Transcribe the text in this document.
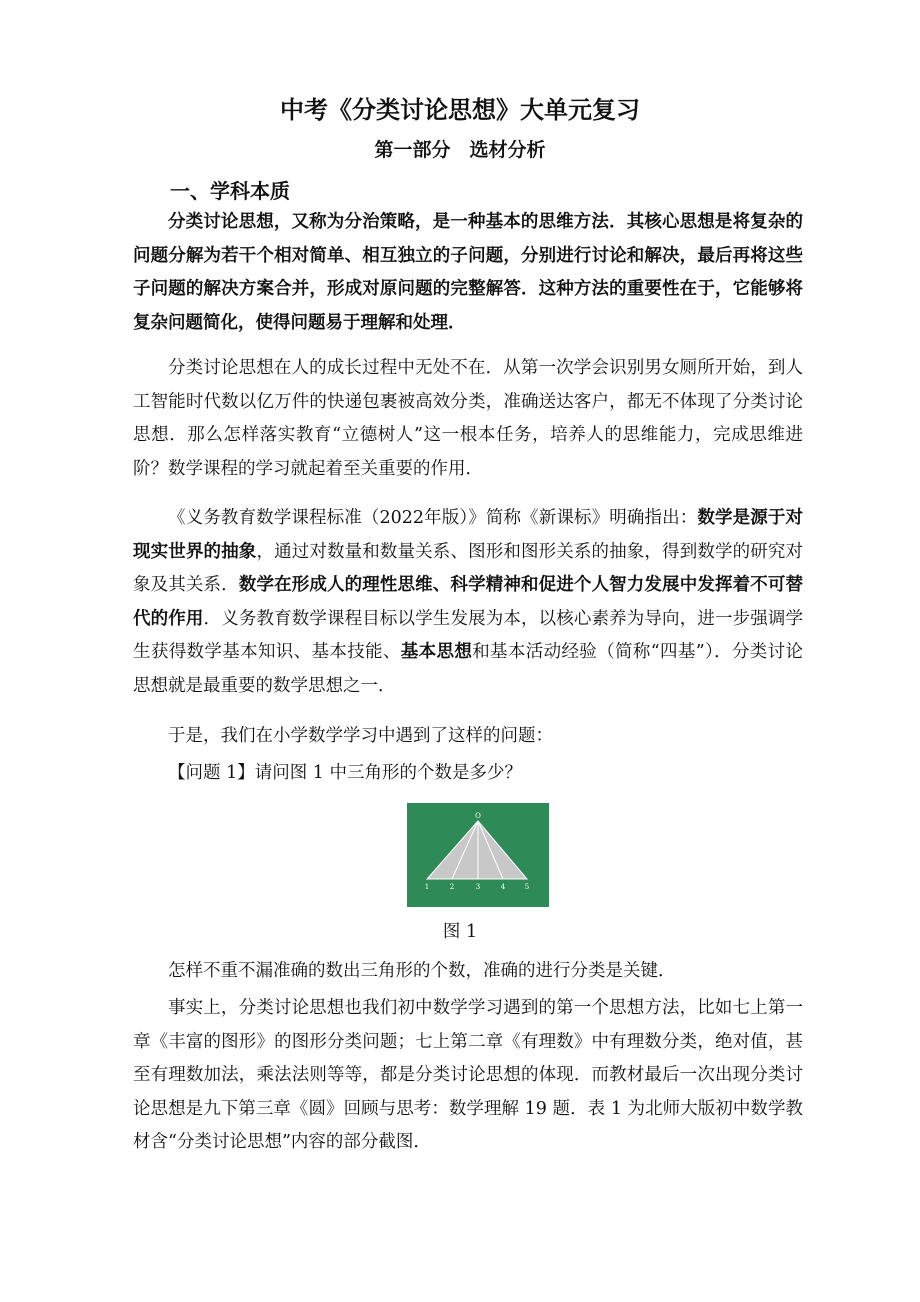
中考《分类讨论思想》大单元复习
第一部分　选材分析
一、学科本质

分类讨论思想，又称为分治策略，是一种基本的思维方法．其核心思想是将复杂的问题分解为若干个相对简单、相互独立的子问题，分别进行讨论和解决，最后再将这些子问题的解决方案合并，形成对原问题的完整解答．这种方法的重要性在于，它能够将复杂问题简化，使得问题易于理解和处理．

分类讨论思想在人的成长过程中无处不在．从第一次学会识别男女厕所开始，到人工智能时代数以亿万件的快递包裹被高效分类，准确送达客户，都无不体现了分类讨论思想．那么怎样落实教育“立德树人”这一根本任务，培养人的思维能力，完成思维进阶？数学课程的学习就起着至关重要的作用．

《义务教育数学课程标准（2022年版）》简称《新课标》明确指出：数学是源于对现实世界的抽象，通过对数量和数量关系、图形和图形关系的抽象，得到数学的研究对象及其关系．数学在形成人的理性思维、科学精神和促进个人智力发展中发挥着不可替代的作用．义务教育数学课程目标以学生发展为本，以核心素养为导向，进一步强调学生获得数学基本知识、基本技能、基本思想和基本活动经验（简称“四基”）．分类讨论思想就是最重要的数学思想之一．

于是，我们在小学数学学习中遇到了这样的问题：

【问题 1】请问图 1 中三角形的个数是多少？

O
1	2	3	4	5
图 1

怎样不重不漏准确的数出三角形的个数，准确的进行分类是关键．

事实上，分类讨论思想也我们初中数学学习遇到的第一个思想方法，比如七上第一章《丰富的图形》的图形分类问题；七上第二章《有理数》中有理数分类，绝对值，甚至有理数加法，乘法法则等等，都是分类讨论思想的体现．而教材最后一次出现分类讨论思想是九下第三章《圆》回顾与思考：数学理解 19 题．表 1 为北师大版初中数学教材含“分类讨论思想”内容的部分截图．
